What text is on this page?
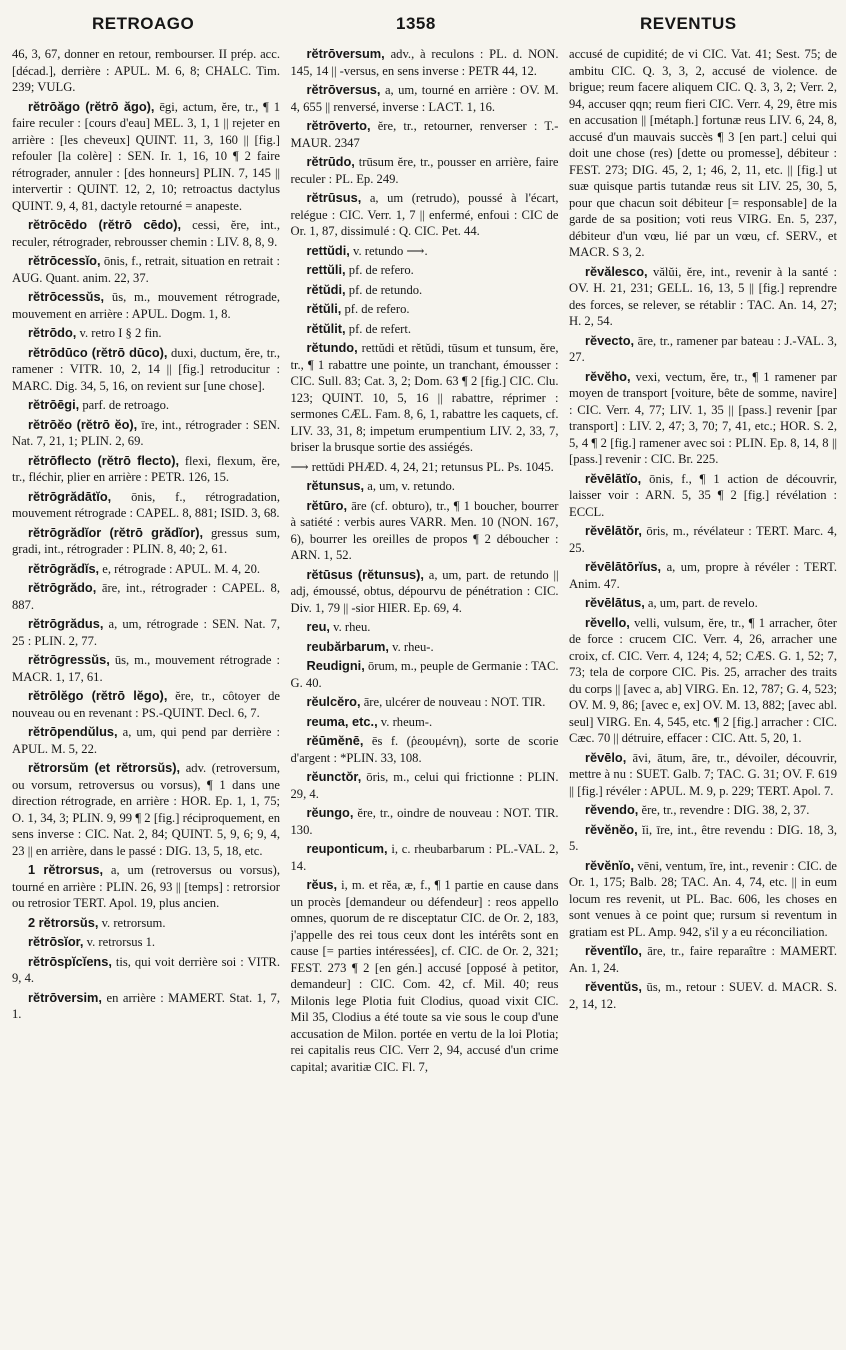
RETROAGO	1358	REVENTUS

46, 3, 67, donner en retour, rembourser. II prép. acc. [décad.], derrière : APUL. M. 6, 8; CHALC. Tim. 239; VULG.

rĕtrōăgo (rĕtrō ăgo), ēgi, actum, ĕre, tr., ¶ 1 faire reculer : [cours d'eau] MEL. 3, 1, 1 || rejeter en arrière : [les cheveux] QUINT. 11, 3, 160 || [fig.] refouler [la colère] : SEN. Ir. 1, 16, 10 ¶ 2 faire rétrograder, annuler : [des honneurs] PLIN. 7, 145 || intervertir : QUINT. 12, 2, 10; retroactus dactylus QUINT. 9, 4, 81, dactyle retourné = anapeste.

rĕtrōcēdo (rĕtrō cēdo), cessi, ĕre, int., reculer, rétrograder, rebrousser chemin : LIV. 8, 8, 9.

rĕtrōcessĭo, ōnis, f., retrait, situation en retrait : AUG. Quant. anim. 22, 37.

rĕtrōcessŭs, ūs, m., mouvement rétrograde, mouvement en arrière : APUL. Dogm. 1, 8.

rĕtrōdo, v. retro I § 2 fin.

rĕtrōdūco (rĕtrō dūco), duxi, ductum, ĕre, tr., ramener : VITR. 10, 2, 14 || [fig.] retroducitur : MARC. Dig. 34, 5, 16, on revient sur [une chose].

rĕtrōēgi, parf. de retroago.

rĕtrōĕo (rĕtrō ĕo), īre, int., rétrograder : SEN. Nat. 7, 21, 1; PLIN. 2, 69.

rĕtrōflecto (rĕtrō flecto), flexi, flexum, ĕre, tr., fléchir, plier en arrière : PETR. 126, 15.

rĕtrōgrădātĭo, ōnis, f., rétrogradation, mouvement rétrograde : CAPEL. 8, 881; ISID. 3, 68.

rĕtrōgrădĭor (rĕtrō grădĭor), gressus sum, gradi, int., rétrograder : PLIN. 8, 40; 2, 61.

rĕtrōgrădĭs, e, rétrograde : APUL. M. 4, 20.

rĕtrōgrădo, āre, int., rétrograder : CAPEL. 8, 887.

rĕtrōgrădus, a, um, rétrograde : SEN. Nat. 7, 25 : PLIN. 2, 77.

rĕtrōgressŭs, ūs, m., mouvement rétrograde : MACR. 1, 17, 61.

rĕtrōlĕgo (rĕtrō lĕgo), ĕre, tr., côtoyer de nouveau ou en revenant : PS.-QUINT. Decl. 6, 7.

rĕtrōpendŭlus, a, um, qui pend par derrière : APUL. M. 5, 22.

rĕtrorsŭm (et rĕtrorsŭs), adv. (retroversum, ou vorsum, retroversus ou vorsus), ¶ 1 dans une direction rétrograde, en arrière : HOR. Ep. 1, 1, 75; O. 1, 34, 3; PLIN. 9, 99 ¶ 2 [fig.] réciproquement, en sens inverse : CIC. Nat. 2, 84; QUINT. 5, 9, 6; 9, 4, 23 || en arrière, dans le passé : DIG. 13, 5, 18, etc.

1 rĕtrorsus, a, um (retroversus ou vorsus), tourné en arrière : PLIN. 26, 93 || [temps] : retrorsior ou retrosior TERT. Apol. 19, plus ancien.

2 rĕtrorsŭs, v. retrorsum.

rĕtrōsĭor, v. retrorsus 1.

rĕtrōspĭcĭens, tis, qui voit derrière soi : VITR. 9, 4.

rĕtrōversim, en arrière : MAMERT. Stat. 1, 7, 1.

rĕtrōversum, adv., à reculons : PL. d. NON. 145, 14 || -versus, en sens inverse : PETR 44, 12.

rĕtrōversus, a, um, tourné en arrière : OV. M. 4, 655 || renversé, inverse : LACT. 1, 16.

rĕtrōverto, ĕre, tr., retourner, renverser : T.-MAUR. 2347

rĕtrūdo, trūsum ĕre, tr., pousser en arrière, faire reculer : PL. Ep. 249.

rĕtrūsus, a, um (retrudo), poussé à l'écart, relégue : CIC. Verr. 1, 7 || enfermé, enfoui : CIC de Or. 1, 87, dissimulé : Q. CIC. Pet. 44.

rettŭdi, v. retundo ⟶.

rettŭli, pf. de refero.

rĕtŭdi, pf. de retundo.

rĕtŭli, pf. de refero.

rĕtŭlit, pf. de refert.

rĕtundo, rettŭdi et rĕtŭdi, tūsum et tunsum, ĕre, tr., ¶ 1 rabattre une pointe, un tranchant, émousser : CIC. Sull. 83; Cat. 3, 2; Dom. 63 ¶ 2 [fig.] CIC. Clu. 123; QUINT. 10, 5, 16 || rabattre, réprimer : sermones CÆL. Fam. 8, 6, 1, rabattre les caquets, cf. LIV. 33, 31, 8; impetum erumpentium LIV. 2, 33, 7, briser la brusque sortie des assiégés.

⟶ rettŭdi PHÆD. 4, 24, 21; retunsus PL. Ps. 1045.

rĕtunsus, a, um, v. retundo.

rĕtūro, āre (cf. obturo), tr., ¶ 1 boucher, bourrer à satiété : verbis aures VARR. Men. 10 (NON. 167, 6), bourrer les oreilles de propos ¶ 2 déboucher : ARN. 1, 52.

rĕtūsus (rĕtunsus), a, um, part. de retundo || adj, émoussé, obtus, dépourvu de pénétration : CIC. Div. 1, 79 || -sior HIER. Ep. 69, 4.

reu, v. rheu.

reubărbarum, v. rheu-.

Reudigni, ōrum, m., peuple de Germanie : TAC. G. 40.

rĕulcĕro, āre, ulcérer de nouveau : NOT. TIR.

reuma, etc., v. rheum-.

rĕūmĕnē, ēs f. (ῥεουμένη), sorte de scorie d'argent : *PLIN. 33, 108.

rĕunctŏr, ōris, m., celui qui frictionne : PLIN. 29, 4.

rĕungo, ĕre, tr., oindre de nouveau : NOT. TIR. 130.

reuponticum, i, c. rheubarbarum : PL.-VAL. 2, 14.

rĕus, i, m. et rĕa, æ, f., ¶ 1 partie en cause dans un procès [demandeur ou défendeur] : reos appello omnes, quorum de re disceptatur CIC. de Or. 2, 183, j'appelle des rei tous ceux dont les intérêts sont en cause [= parties intéressées], cf. CIC. de Or. 2, 321; FEST. 273 ¶ 2 [en gén.] accusé [opposé à petitor, demandeur] : CIC. Com. 42, cf. Mil. 40; reus Milonis lege Plotia fuit Clodius, quoad vixit CIC. Mil 35, Clodius a été toute sa vie sous le coup d'une accusation de Milon. portée en vertu de la loi Plotia; rei capitalis reus CIC. Verr 2, 94, accusé d'un crime capital; avaritiæ CIC. Fl. 7,

accusé de cupidité; de vi CIC. Vat. 41; Sest. 75; de ambitu CIC. Q. 3, 3, 2, accusé de violence. de brigue; reum facere aliquem CIC. Q. 3, 3, 2; Verr. 2, 94, accuser qqn; reum fieri CIC. Verr. 4, 29, être mis en accusation || [métaph.] fortunæ reus LIV. 6, 24, 8, accusé d'un mauvais succès ¶ 3 [en part.] celui qui doit une chose (res) [dette ou promesse], débiteur : FEST. 273; DIG. 45, 2, 1; 46, 2, 11, etc. || [fig.] ut suæ quisque partis tutandæ reus sit LIV. 25, 30, 5, pour que chacun soit débiteur [= responsable] de la garde de sa position; voti reus VIRG. En. 5, 237, débiteur d'un vœu, lié par un vœu, cf. SERV., et MACR. S 3, 2.

rĕvălesco, vălŭi, ĕre, int., revenir à la santé : OV. H. 21, 231; GELL. 16, 13, 5 || [fig.] reprendre des forces, se relever, se rétablir : TAC. An. 14, 27; H. 2, 54.

rĕvecto, āre, tr., ramener par bateau : J.-VAL. 3, 27.

rĕvĕho, vexi, vectum, ĕre, tr., ¶ 1 ramener par moyen de transport [voiture, bête de somme, navire] : CIC. Verr. 4, 77; LIV. 1, 35 || [pass.] revenir [par transport] : LIV. 2, 47; 3, 70; 7, 41, etc.; HOR. S. 2, 5, 4 ¶ 2 [fig.] ramener avec soi : PLIN. Ep. 8, 14, 8 || [pass.] revenir : CIC. Br. 225.

rĕvēlātĭo, ōnis, f., ¶ 1 action de découvrir, laisser voir : ARN. 5, 35 ¶ 2 [fig.] révélation : ECCL.

rĕvēlātŏr, ōris, m., révélateur : TERT. Marc. 4, 25.

rĕvēlātōrĭus, a, um, propre à révéler : TERT. Anim. 47.

rĕvēlātus, a, um, part. de revelo.

rĕvello, velli, vulsum, ĕre, tr., ¶ 1 arracher, ôter de force : crucem CIC. Verr. 4, 26, arracher une croix, cf. CIC. Verr. 4, 124; 4, 52; CÆS. G. 1, 52; 7, 73; tela de corpore CIC. Pis. 25, arracher des traits du corps || [avec a, ab] VIRG. En. 12, 787; G. 4, 523; OV. M. 9, 86; [avec e, ex] OV. M. 13, 882; [avec abl. seul] VIRG. En. 4, 545, etc. ¶ 2 [fig.] arracher : CIC. Cæc. 70 || détruire, effacer : CIC. Att. 5, 20, 1.

rĕvēlo, āvi, ātum, āre, tr., dévoiler, découvrir, mettre à nu : SUET. Galb. 7; TAC. G. 31; OV. F. 619 || [fig.] révéler : APUL. M. 9, p. 229; TERT. Apol. 7.

rĕvendo, ĕre, tr., revendre : DIG. 38, 2, 37.

rĕvĕnĕo, ĭi, īre, int., être revendu : DIG. 18, 3, 5.

rĕvĕnĭo, vēni, ventum, īre, int., revenir : CIC. de Or. 1, 175; Balb. 28; TAC. An. 4, 74, etc. || in eum locum res revenit, ut PL. Bac. 606, les choses en sont venues à ce point que; rursum si reventum in gratiam est PL. Amp. 942, s'il y a eu réconciliation.

rĕventĭlo, āre, tr., faire reparaître : MAMERT. An. 1, 24.

rĕventŭs, ūs, m., retour : SUEV. d. MACR. S. 2, 14, 12.
